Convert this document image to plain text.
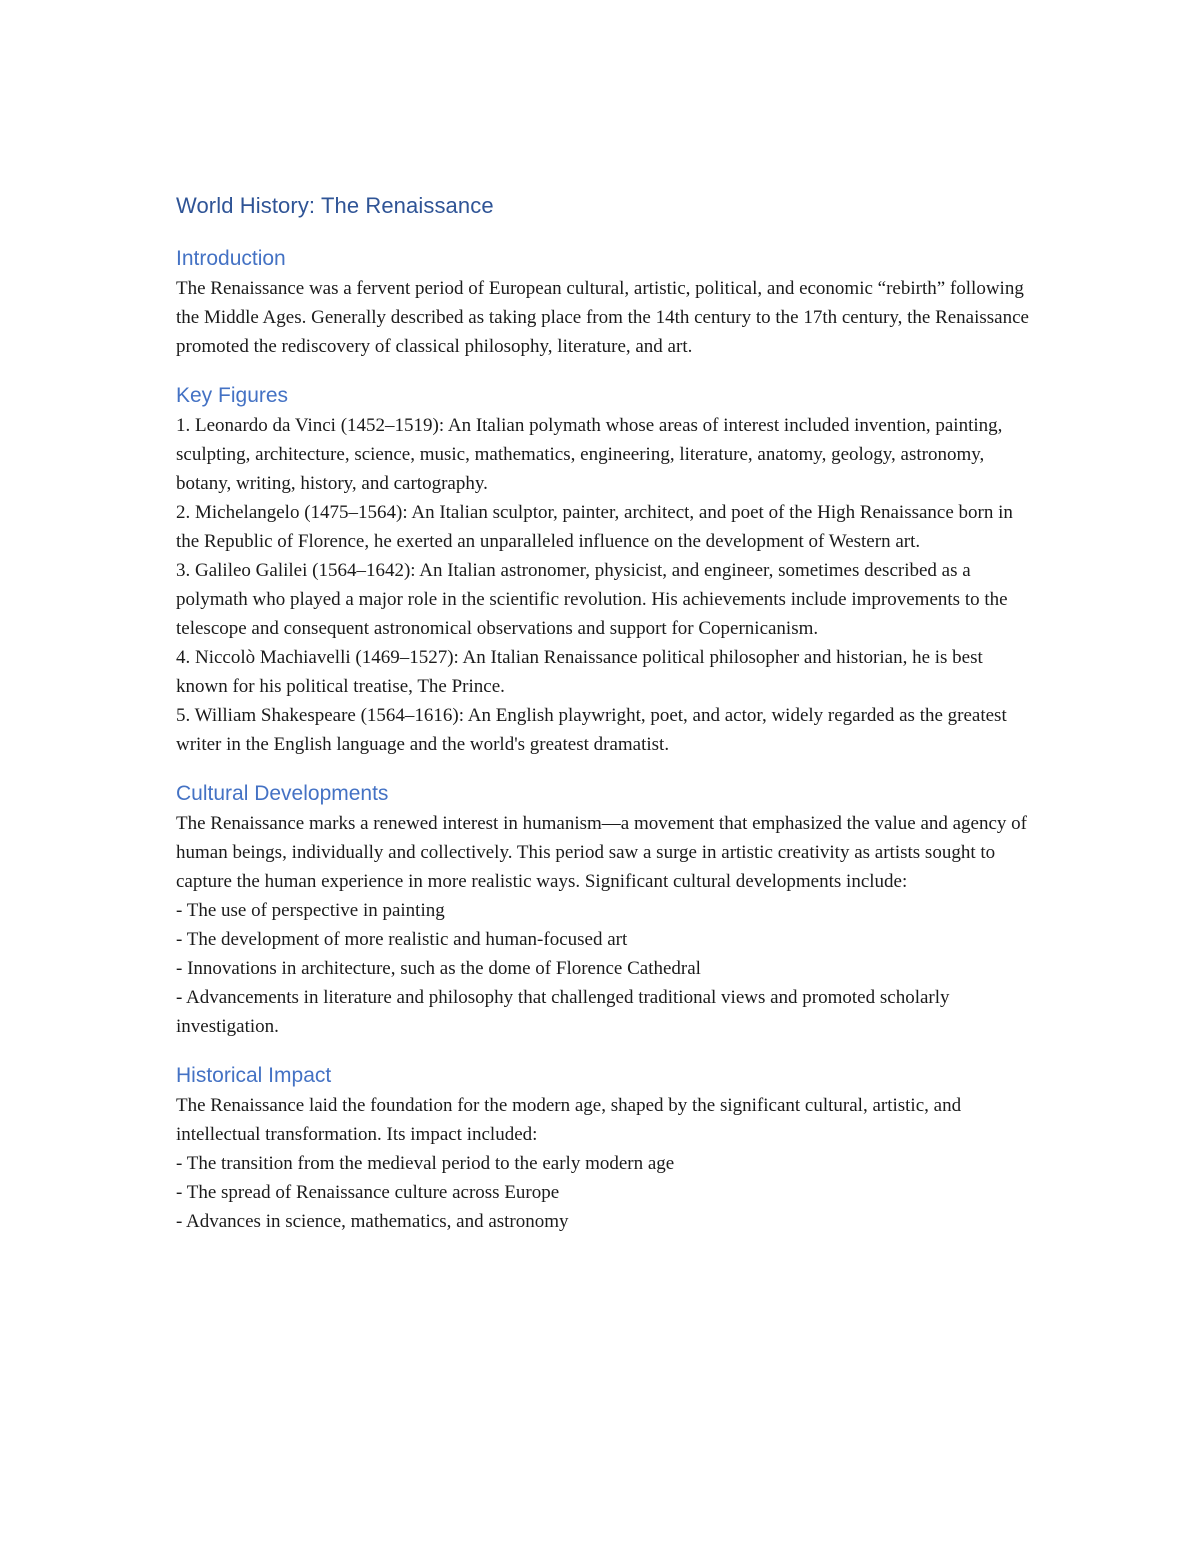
World History: The Renaissance
Introduction

The Renaissance was a fervent period of European cultural, artistic, political, and economic “rebirth” following the Middle Ages. Generally described as taking place from the 14th century to the 17th century, the Renaissance promoted the rediscovery of classical philosophy, literature, and art.

Key Figures

1. Leonardo da Vinci (1452–1519): An Italian polymath whose areas of interest included invention, painting, sculpting, architecture, science, music, mathematics, engineering, literature, anatomy, geology, astronomy, botany, writing, history, and cartography.

2. Michelangelo (1475–1564): An Italian sculptor, painter, architect, and poet of the High Renaissance born in the Republic of Florence, he exerted an unparalleled influence on the development of Western art.

3. Galileo Galilei (1564–1642): An Italian astronomer, physicist, and engineer, sometimes described as a polymath who played a major role in the scientific revolution. His achievements include improvements to the telescope and consequent astronomical observations and support for Copernicanism.

4. Niccolò Machiavelli (1469–1527): An Italian Renaissance political philosopher and historian, he is best known for his political treatise, The Prince.

5. William Shakespeare (1564–1616): An English playwright, poet, and actor, widely regarded as the greatest writer in the English language and the world's greatest dramatist.

Cultural Developments

The Renaissance marks a renewed interest in humanism—a movement that emphasized the value and agency of human beings, individually and collectively. This period saw a surge in artistic creativity as artists sought to capture the human experience in more realistic ways. Significant cultural developments include:

- The use of perspective in painting

- The development of more realistic and human-focused art

- Innovations in architecture, such as the dome of Florence Cathedral

- Advancements in literature and philosophy that challenged traditional views and promoted scholarly investigation.

Historical Impact

The Renaissance laid the foundation for the modern age, shaped by the significant cultural, artistic, and intellectual transformation. Its impact included:

- The transition from the medieval period to the early modern age

- The spread of Renaissance culture across Europe

- Advances in science, mathematics, and astronomy
